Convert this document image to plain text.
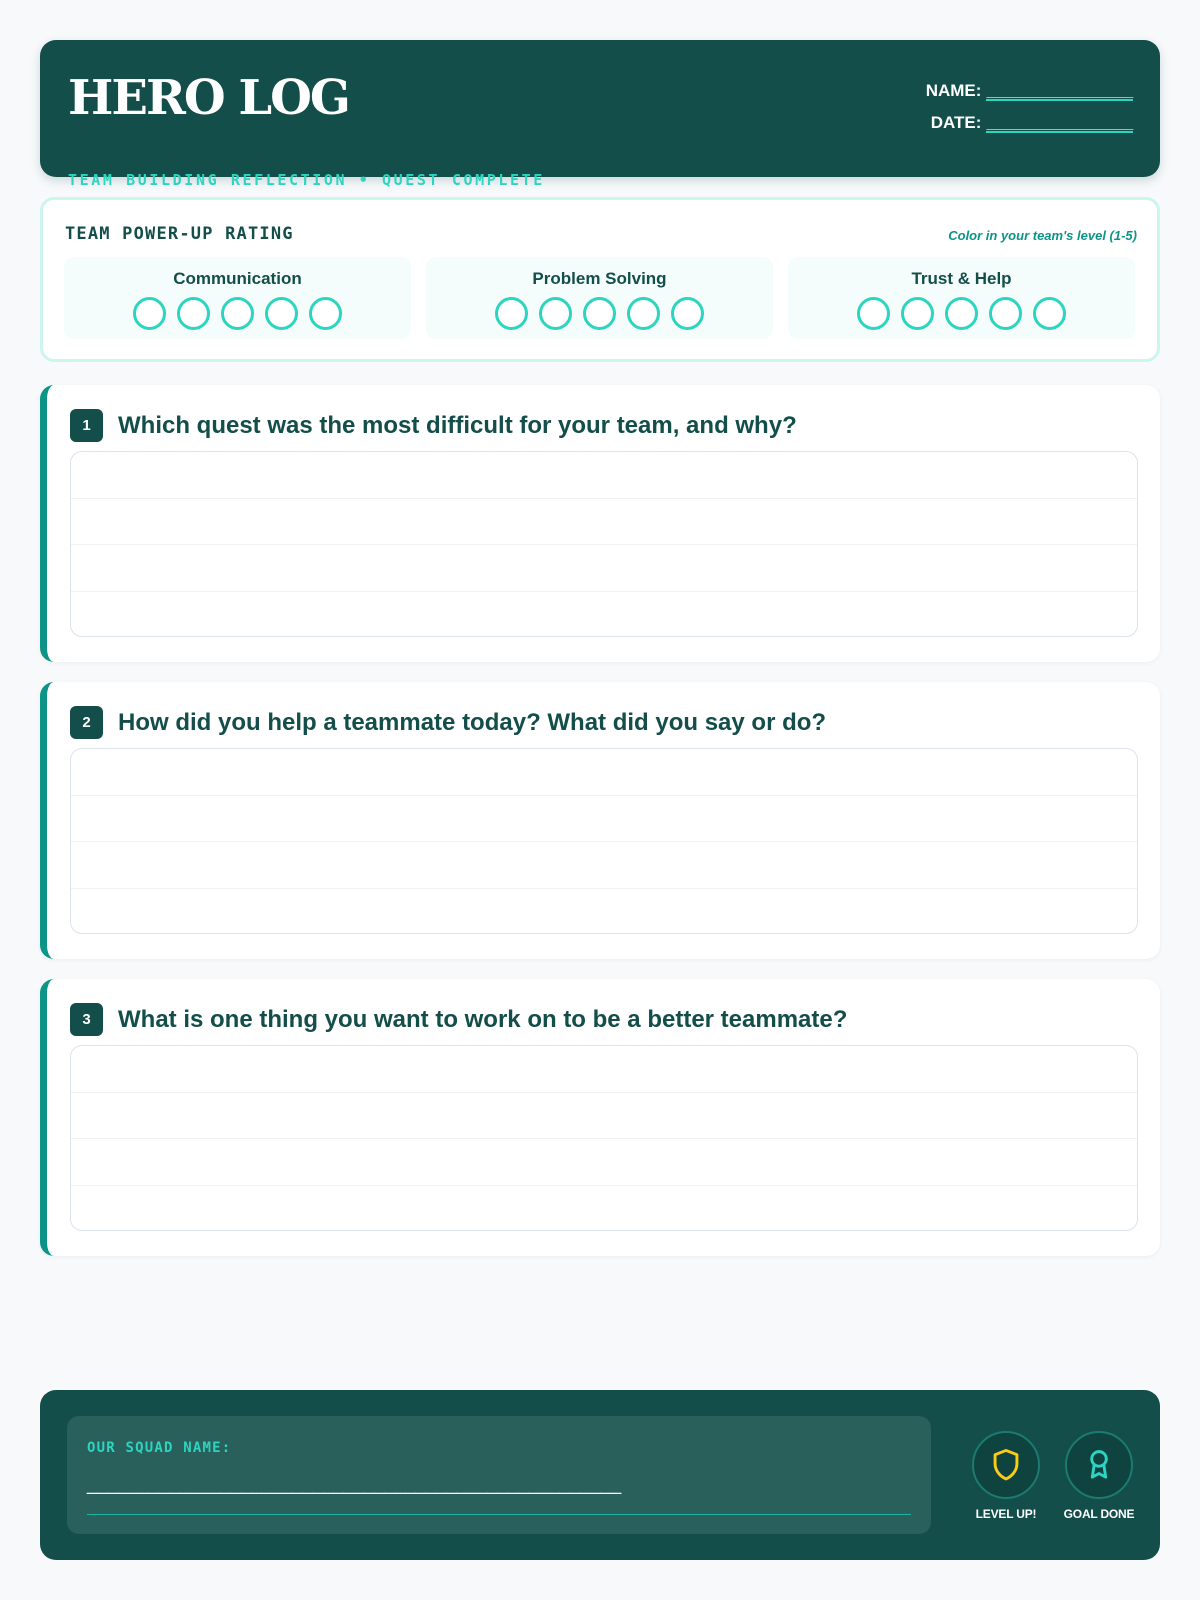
HERO LOG
TEAM BUILDING REFLECTION • QUEST COMPLETE
NAME: __________________
DATE: __________________
TEAM POWER-UP RATING	Color in your team's level (1-5)
Communication	Problem Solving	Trust & Help
1	Which quest was the most difficult for your team, and why?
2	How did you help a teammate today? What did you say or do?
3	What is one thing you want to work on to be a better teammate?
OUR SQUAD NAME:
____________________________________________________
LEVEL UP!	GOAL DONE
